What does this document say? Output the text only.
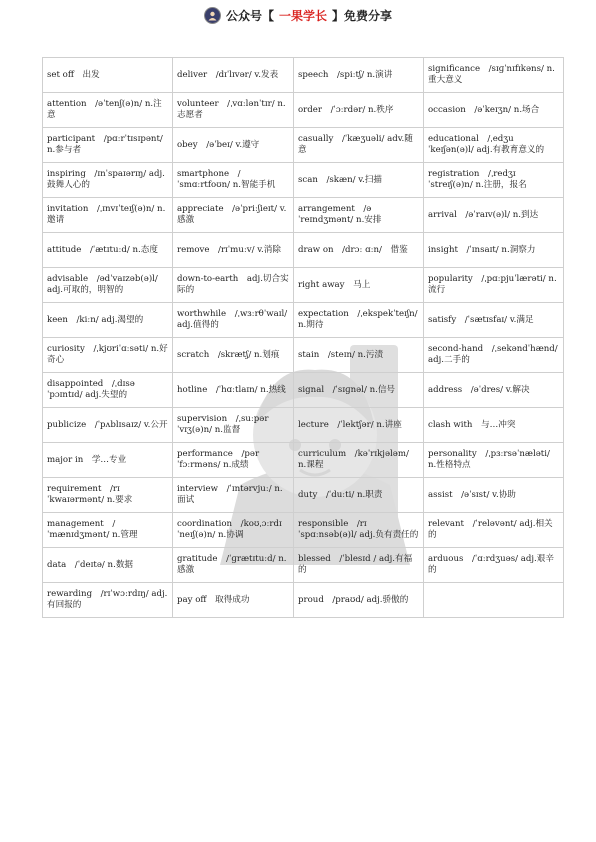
公众号【 一果学长 】免费分享
set off　出发	deliver　/dɪˈlɪvər/ v.发表	speech　/spiːtʃ/ n.演讲	significance　/sɪɡˈnɪfɪkəns/ n.重大意义
attention　/əˈtenʃ(ə)n/ n.注意	volunteer　/ˌvɑːlənˈtɪr/ n.志愿者	order　/ˈɔːrdər/ n.秩序	occasion　/əˈkeɪʒn/ n.场合
participant　/pɑːrˈtɪsɪpənt/ n.参与者	obey　/əˈbeɪ/ v.遵守	casually　/ˈkæʒuəli/ adv.随意	educational　/ˌedʒuˈkeɪʃən(ə)l/ adj.有教育意义的
inspiring　/ɪnˈspaɪərɪŋ/ adj.鼓舞人心的	smartphone　/ˈsmɑːrtfoʊn/ n.智能手机	scan　/skæn/ v.扫描	registration　/ˌredʒɪˈstreɪʃ(ə)n/ n.注册，报名
invitation　/ˌɪnvɪˈteɪʃ(ə)n/ n.邀请	appreciate　/əˈpriːʃieɪt/ v.感激	arrangement　/əˈreɪndʒmənt/ n.安排	arrival　/əˈraɪv(ə)l/ n.到达
attitude　/ˈætɪtuːd/ n.态度	remove　/rɪˈmuːv/ v.消除	draw on　/drɔː ɑːn/　借鉴	insight　/ˈɪnsaɪt/ n.洞察力
advisable　/ədˈvaɪzəb(ə)l/ adj.可取的，明智的	down-to-earth　adj.切合实际的	right away　马上	popularity　/ˌpɑːpjuˈlærəti/ n.流行
keen　/kiːn/ adj.渴望的	worthwhile　/ˌwɜːrθˈwaɪl/ adj.值得的	expectation　/ˌekspekˈteɪʃn/ n.期待	satisfy　/ˈsætɪsfaɪ/ v.满足
curiosity　/ˌkjʊriˈɑːsəti/ n.好奇心	scratch　/skrætʃ/ n.划痕	stain　/steɪn/ n.污渍	second-hand　/ˌsekəndˈhænd/ adj.二手的
disappointed　/ˌdɪsəˈpɔɪntɪd/ adj.失望的	hotline　/ˈhɑːtlaɪn/ n.热线	signal　/ˈsɪɡnəl/ n.信号	address　/əˈdres/ v.解决
publicize　/ˈpʌblɪsaɪz/ v.公开	supervision　/ˌsuːpərˈvɪʒ(ə)n/ n.监督	lecture　/ˈlektʃər/ n.讲座	clash with　与…冲突
major in　学…专业	performance　/pərˈfɔːrməns/ n.成绩	curriculum　/kəˈrɪkjələm/ n.课程	personality　/ˌpɜːrsəˈnæləti/ n.性格特点
requirement　/rɪˈkwaɪərmənt/ n.要求	interview　/ˈɪntərvjuː/ n.面试	duty　/ˈduːti/ n.职责	assist　/əˈsɪst/ v.协助
management　/ˈmænɪdʒmənt/ n.管理	coordination　/koʊˌɔːrdɪˈneɪʃ(ə)n/ n.协调	responsible　/rɪˈspɑːnsəb(ə)l/ adj.负有责任的	relevant　/ˈreləvənt/ adj.相关的
data　/ˈdeɪtə/ n.数据	gratitude　/ˈɡrætɪtuːd/ n.感激	blessed　/ˈblesɪd / adj.有福的	arduous　/ˈɑːrdʒuəs/ adj.艰辛的
rewarding　/rɪˈwɔːrdɪŋ/ adj.有回报的	pay off　取得成功	proud　/praʊd/ adj.骄傲的	
